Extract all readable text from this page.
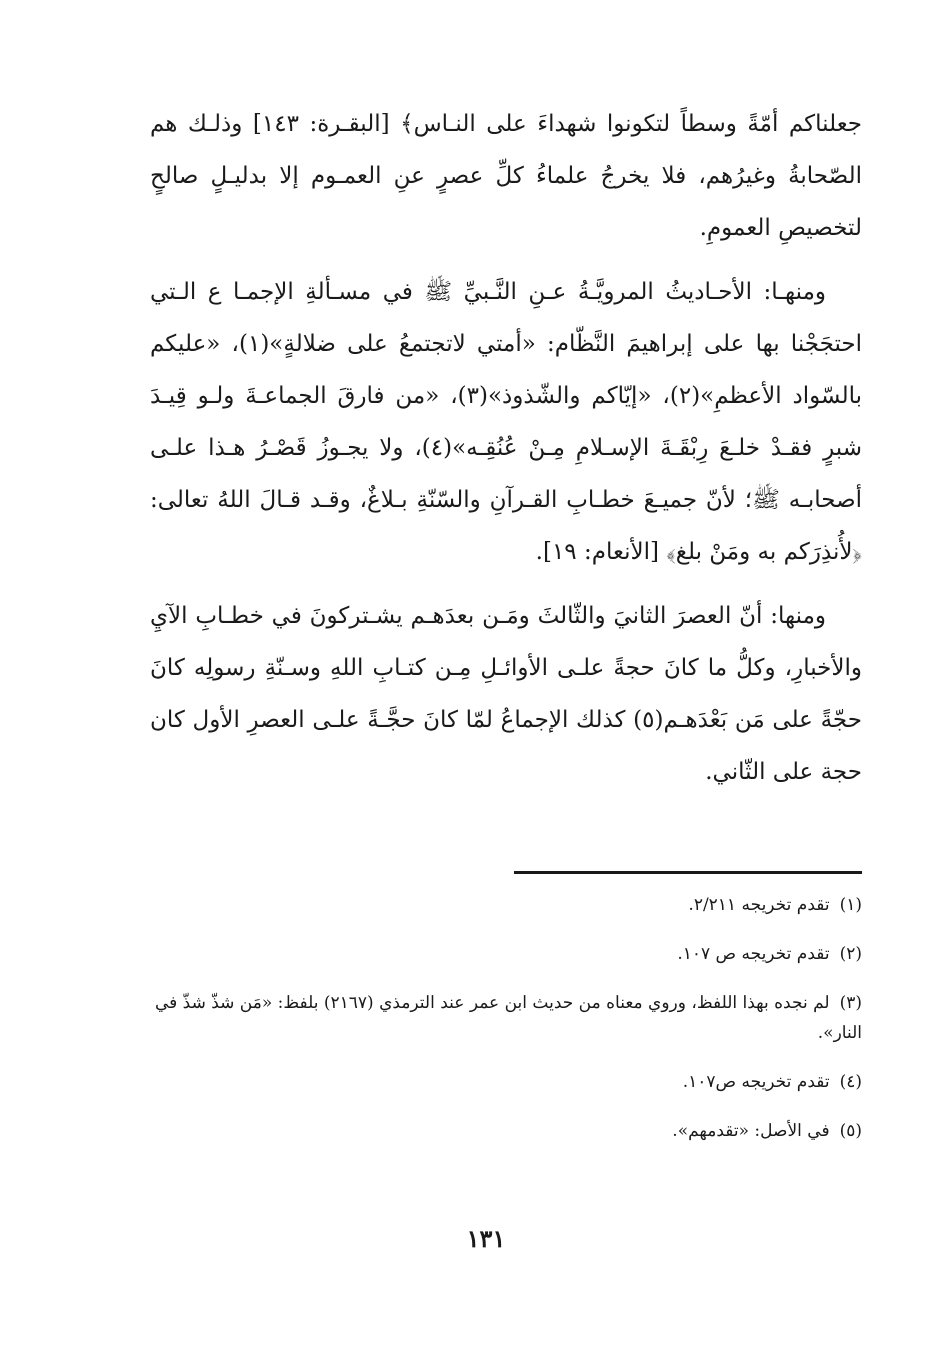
جعلناكم أمّةً وسطاً لتكونوا شهداءَ على النـاس﴾ [البقـرة: ١٤٣] وذلـك هم الصّحابةُ وغيرُهم، فلا يخرجُ علماءُ كلِّ عصرٍ عنِ العمـوم إلا بدليـلٍ صالحٍ لتخصيصِ العمومِ.

ومنهـا: الأحـاديثُ المرويَّـةُ عـنِ النَّـبيِّ ﷺ في مسـألةِ الإجمـا ع الـتي احتجَجْنا بها على إبراهيمَ النَّظّام: «أمتي لاتجتمعُ على ضلالةٍ»(١)، «عليكم بالسّواد الأعظمِ»(٢)، «إيّاكم والشّذوذ»(٣)، «من فارقَ الجماعـةَ ولـو قِيـدَ شبرٍ فقـدْ خلـعَ رِبْقَـةَ الإسـلامِ مِـنْ عُنُقِـه»(٤)، ولا يجـوزُ قَصْـرُ هـذا علـى أصحابـه ﷺ؛ لأنّ جميـعَ خطـابِ القـرآنِ والسّنّةِ بـلاغٌ، وقـد قـالَ اللهُ تعالى: ﴿لأُنذِرَكم به ومَنْ بلغ﴾ [الأنعام: ١٩].

ومنها: أنّ العصرَ الثانيَ والثّالثَ ومَـن بعدَهـم يشـتركونَ في خطـابِ الآيِ والأخبارِ، وكلُّ ما كانَ حجةً علـى الأوائـلِ مِـن كتـابِ اللهِ وسـنّةِ رسولِه كانَ حجّةً على مَن بَعْدَهـم(٥) كذلك الإجماعُ لمّا كانَ حجَّـةً علـى العصرِ الأول كان حجة على الثّاني.

(١)تقدم تخريجه ٢/٢١١.
(٢)تقدم تخريجه ص ١٠٧.
(٣)لم نجده بهذا اللفظ، وروي معناه من حديث ابن عمر عند الترمذي (٢١٦٧) بلفظ: «مَن شذّ شذّ في النار».
(٤)تقدم تخريجه ص١٠٧.
(٥)في الأصل: «تقدمهم».
١٣١
